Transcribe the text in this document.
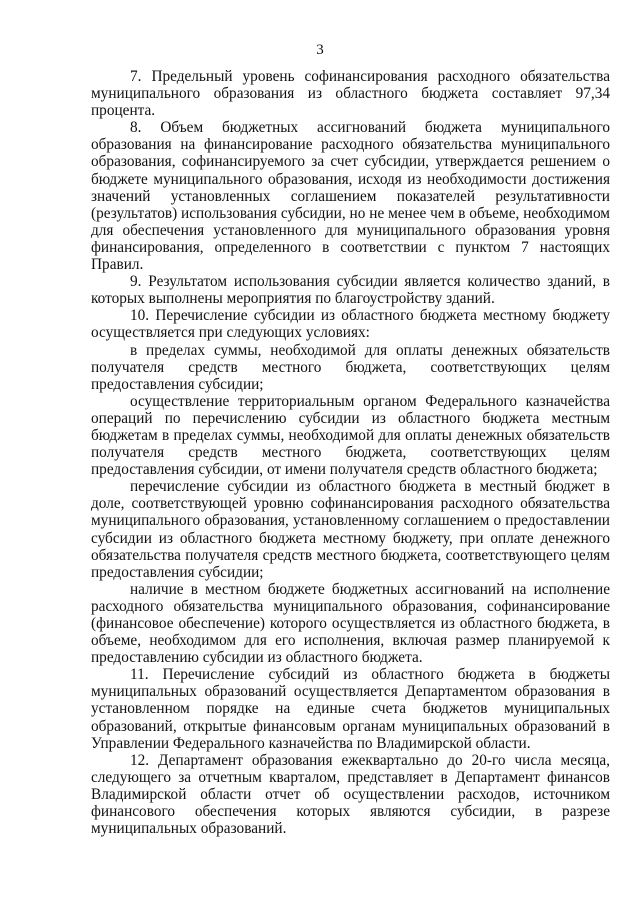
3

7. Предельный уровень софинансирования расходного обязательства муниципального образования из областного бюджета составляет 97,34 процента.

8. Объем бюджетных ассигнований бюджета муниципального образования на финансирование расходного обязательства муниципального образования, софинансируемого за счет субсидии, утверждается решением о бюджете муниципального образования, исходя из необходимости достижения значений установленных соглашением показателей результативности (результатов) использования субсидии, но не менее чем в объеме, необходимом для обеспечения установленного для муниципального образования уровня финансирования, определенного в соответствии с пунктом 7 настоящих Правил.

9. Результатом использования субсидии является количество зданий, в которых выполнены мероприятия по благоустройству зданий.

10. Перечисление субсидии из областного бюджета местному бюджету осуществляется при следующих условиях:

в пределах суммы, необходимой для оплаты денежных обязательств получателя средств местного бюджета, соответствующих целям предоставления субсидии;

осуществление территориальным органом Федерального казначейства операций по перечислению субсидии из областного бюджета местным бюджетам в пределах суммы, необходимой для оплаты денежных обязательств получателя средств местного бюджета, соответствующих целям предоставления субсидии, от имени получателя средств областного бюджета;

перечисление субсидии из областного бюджета в местный бюджет в доле, соответствующей уровню софинансирования расходного обязательства муниципального образования, установленному соглашением о предоставлении субсидии из областного бюджета местному бюджету, при оплате денежного обязательства получателя средств местного бюджета, соответствующего целям предоставления субсидии;

наличие в местном бюджете бюджетных ассигнований на исполнение расходного обязательства муниципального образования, софинансирование (финансовое обеспечение) которого осуществляется из областного бюджета, в объеме, необходимом для его исполнения, включая размер планируемой к предоставлению субсидии из областного бюджета.

11. Перечисление субсидий из областного бюджета в бюджеты муниципальных образований осуществляется Департаментом образования в установленном порядке на единые счета бюджетов муниципальных образований, открытые финансовым органам муниципальных образований в Управлении Федерального казначейства по Владимирской области.

12. Департамент образования ежеквартально до 20-го числа месяца, следующего за отчетным кварталом, представляет в Департамент финансов Владимирской области отчет об осуществлении расходов, источником финансового обеспечения которых являются субсидии, в разрезе муниципальных образований.
